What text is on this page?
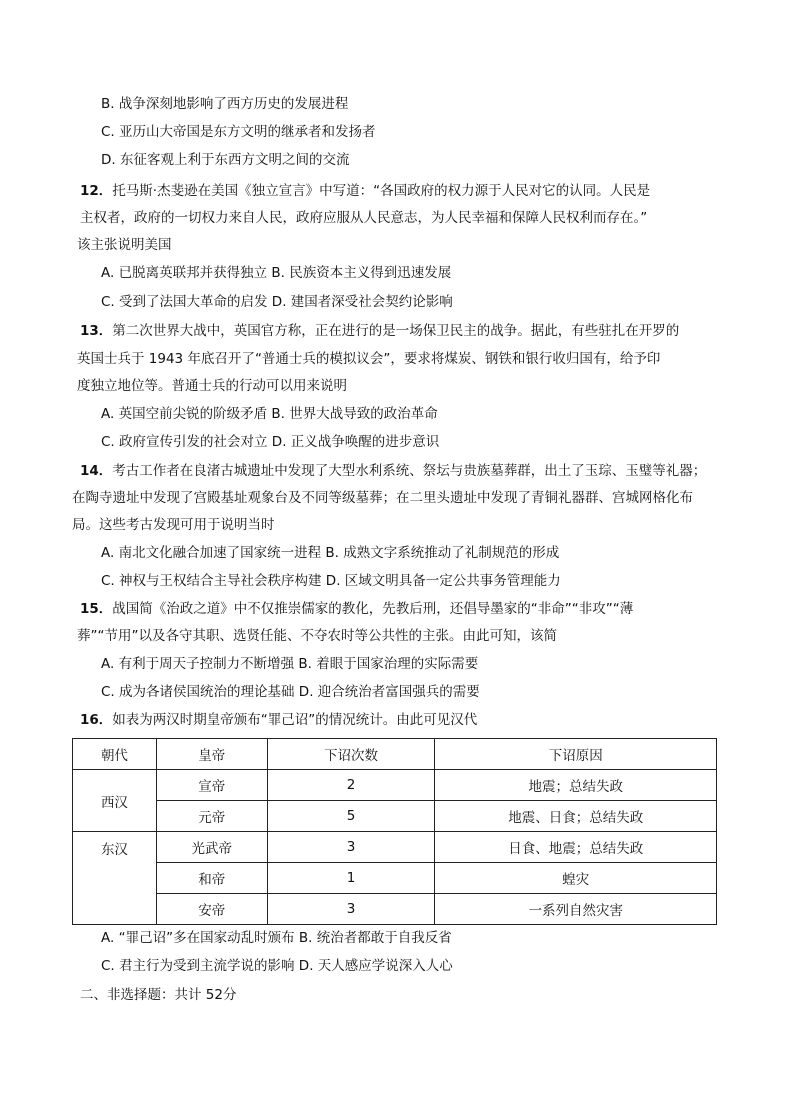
B. 战争深刻地影响了西方历史的发展进程
C. 亚历山大帝国是东方文明的继承者和发扬者
D. 东征客观上利于东西方文明之间的交流
12．托马斯·杰斐逊在美国《独立宣言》中写道：“各国政府的权力源于人民对它的认同。人民是
主权者，政府的一切权力来自人民，政府应服从人民意志，为人民幸福和保障人民权利而存在。”
该主张说明美国
A. 已脱离英联邦并获得独立 B. 民族资本主义得到迅速发展
C. 受到了法国大革命的启发 D. 建国者深受社会契约论影响
13．第二次世界大战中，英国官方称，正在进行的是一场保卫民主的战争。据此，有些驻扎在开罗的
英国士兵于 1943 年底召开了“普通士兵的模拟议会”，要求将煤炭、钢铁和银行收归国有，给予印
度独立地位等。普通士兵的行动可以用来说明
A. 英国空前尖锐的阶级矛盾 B. 世界大战导致的政治革命
C. 政府宣传引发的社会对立 D. 正义战争唤醒的进步意识
14．考古工作者在良渚古城遗址中发现了大型水利系统、祭坛与贵族墓葬群，出土了玉琮、玉璧等礼器；
在陶寺遗址中发现了宫殿基址观象台及不同等级墓葬；在二里头遗址中发现了青铜礼器群、宫城网格化布
局。这些考古发现可用于说明当时
A. 南北文化融合加速了国家统一进程 B. 成熟文字系统推动了礼制规范的形成
C. 神权与王权结合主导社会秩序构建 D. 区域文明具备一定公共事务管理能力
15．战国简《治政之道》中不仅推崇儒家的教化，先教后刑，还倡导墨家的“非命”“非攻”“薄
葬”“节用”以及各守其职、选贤任能、不夺农时等公共性的主张。由此可知，该简
A. 有利于周天子控制力不断增强 B. 着眼于国家治理的实际需要
C. 成为各诸侯国统治的理论基础 D. 迎合统治者富国强兵的需要
16．如表为两汉时期皇帝颁布“罪己诏”的情况统计。由此可见汉代
朝代	皇帝	下诏次数	下诏原因
西汉	宣帝	2	地震；总结失政
	元帝	5	地震、日食；总结失政
东汉	光武帝	3	日食、地震；总结失政
	和帝	1	蝗灾
	安帝	3	一系列自然灾害
A. “罪己诏”多在国家动乱时颁布 B. 统治者都敢于自我反省
C. 君主行为受到主流学说的影响 D. 天人感应学说深入人心
二、非选择题：共计 52分
